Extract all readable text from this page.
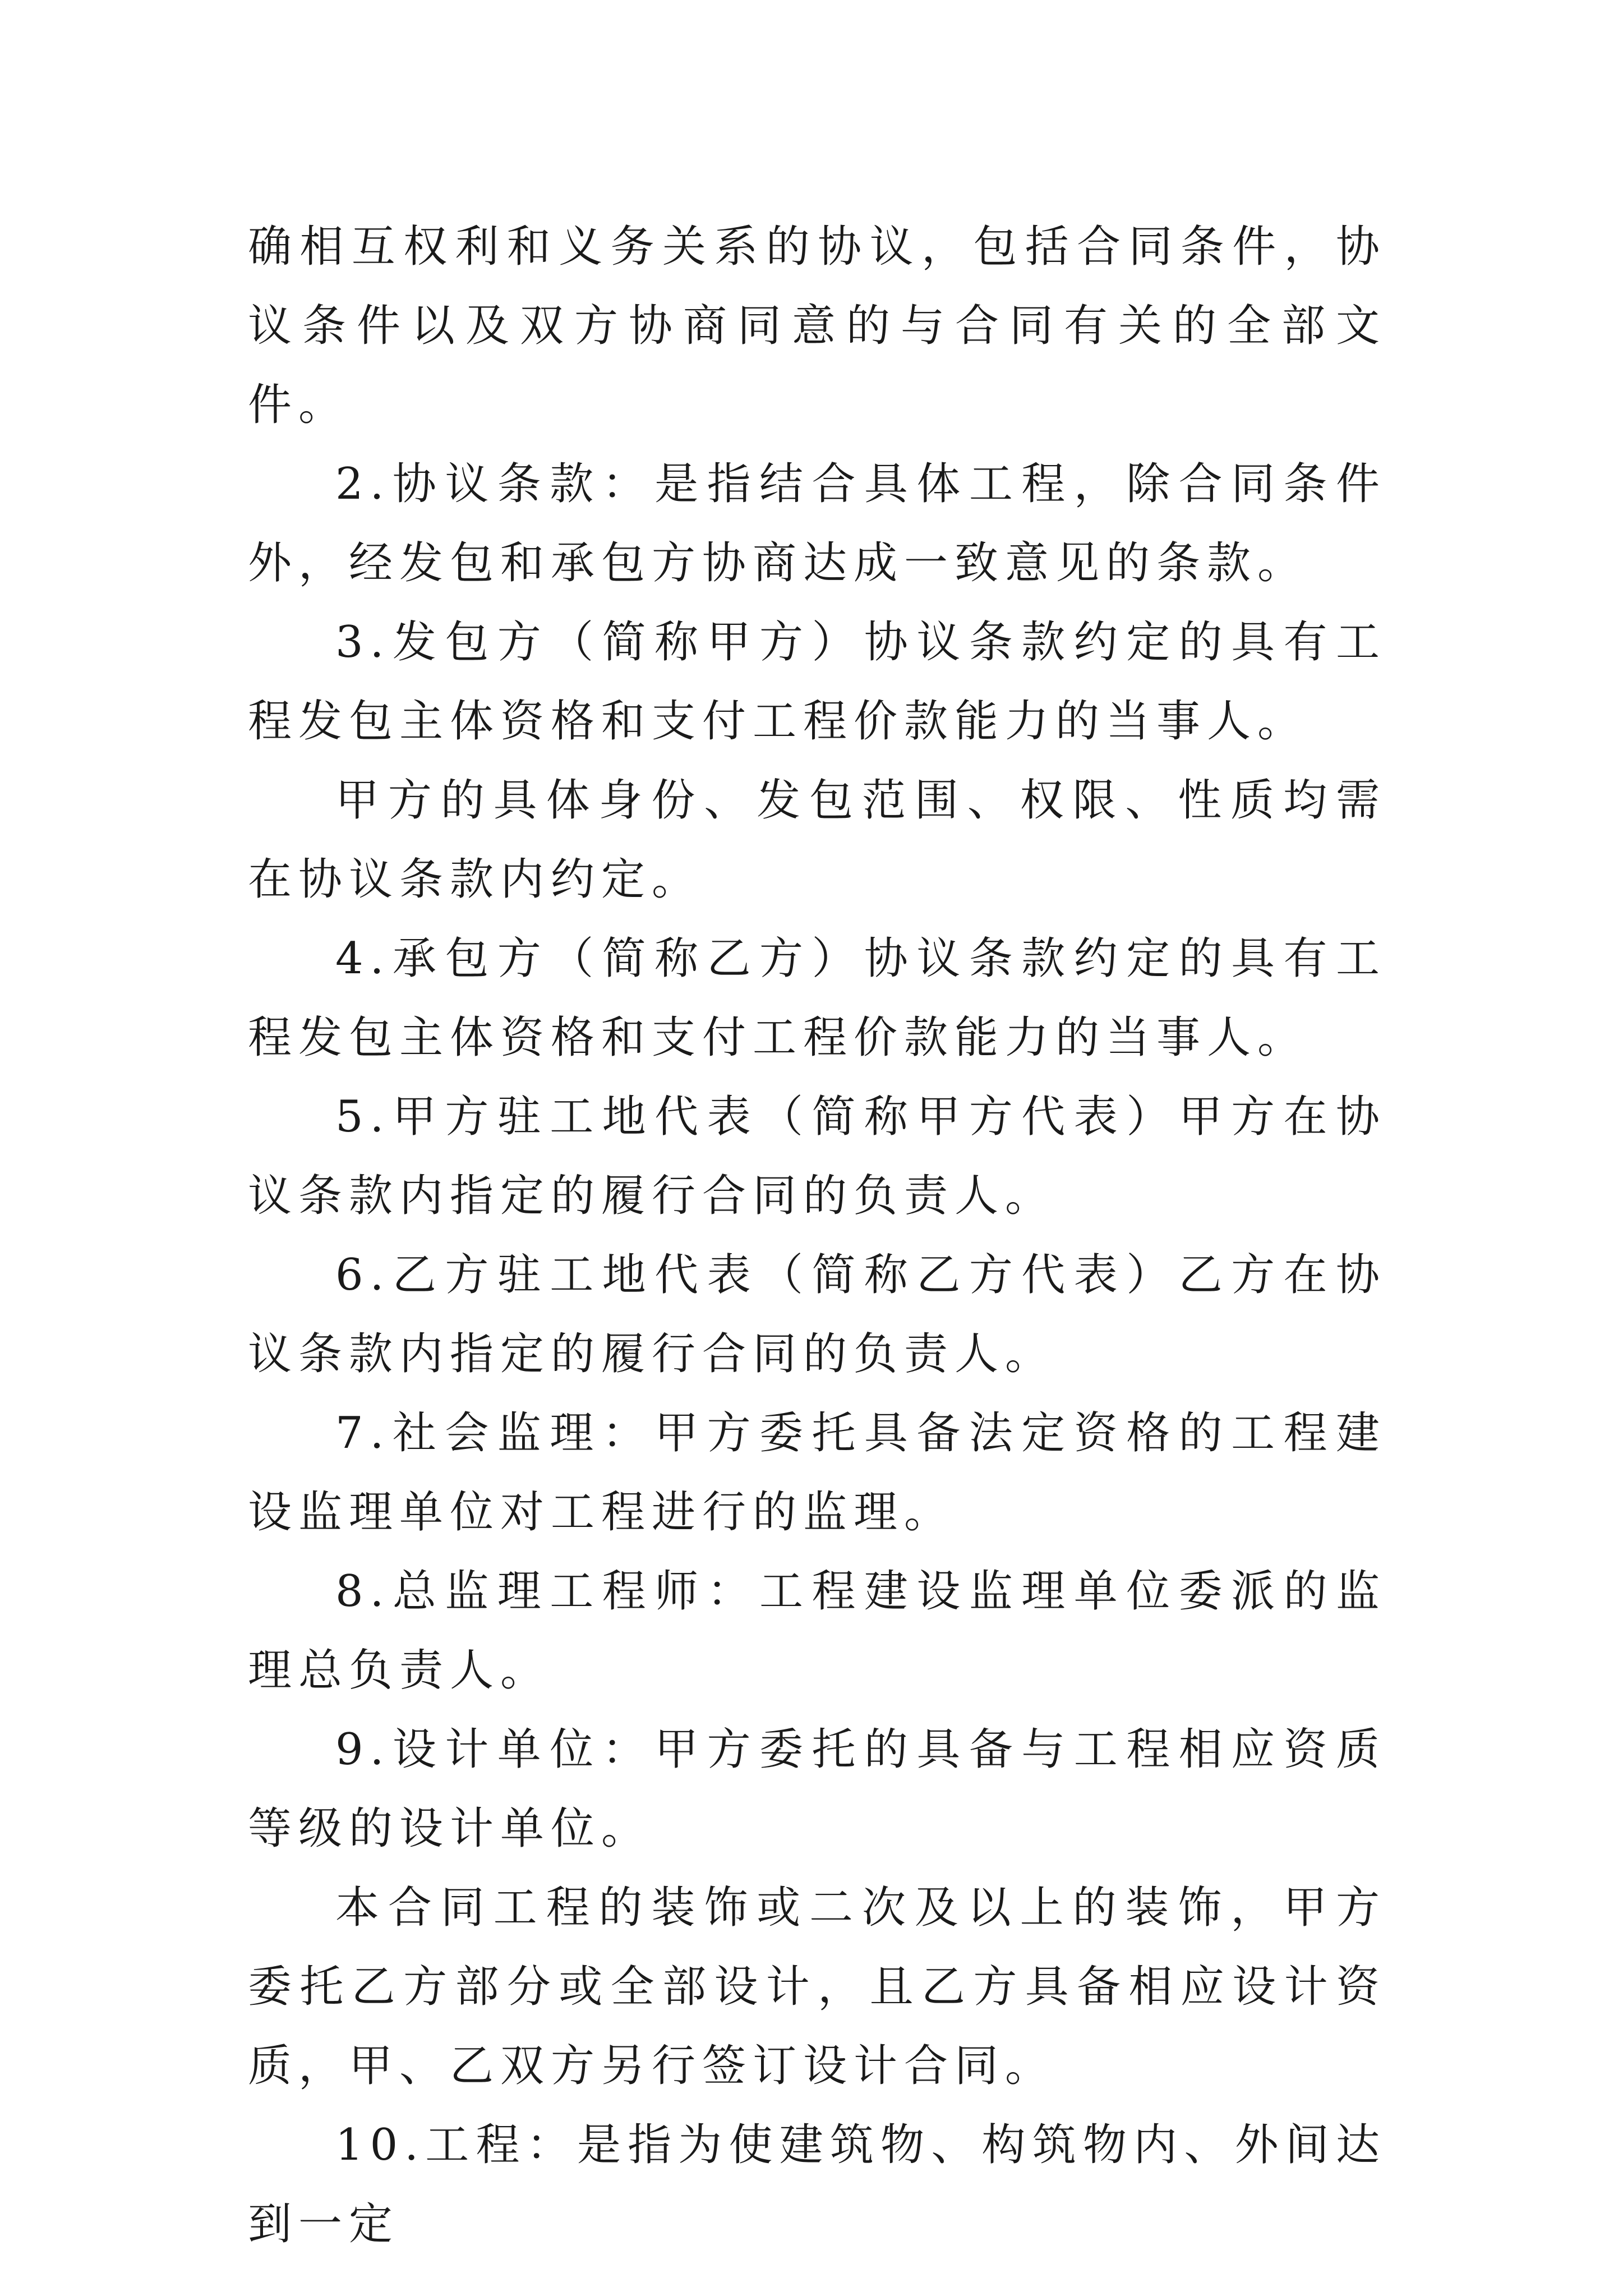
确相互权利和义务关系的协议，包括合同条件，协议条件以及双方协商同意的与合同有关的全部文件。

2.协议条款：是指结合具体工程，除合同条件外，经发包和承包方协商达成一致意见的条款。

3.发包方（简称甲方）协议条款约定的具有工程发包主体资格和支付工程价款能力的当事人。

甲方的具体身份、发包范围、权限、性质均需在协议条款内约定。

4.承包方（简称乙方）协议条款约定的具有工程发包主体资格和支付工程价款能力的当事人。

5.甲方驻工地代表（简称甲方代表）甲方在协议条款内指定的履行合同的负责人。

6.乙方驻工地代表（简称乙方代表）乙方在协议条款内指定的履行合同的负责人。

7.社会监理：甲方委托具备法定资格的工程建设监理单位对工程进行的监理。

8.总监理工程师：工程建设监理单位委派的监理总负责人。

9.设计单位：甲方委托的具备与工程相应资质等级的设计单位。

本合同工程的装饰或二次及以上的装饰，甲方委托乙方部分或全部设计，且乙方具备相应设计资质，甲、乙双方另行签订设计合同。

10.工程：是指为使建筑物、构筑物内、外间达到一定
